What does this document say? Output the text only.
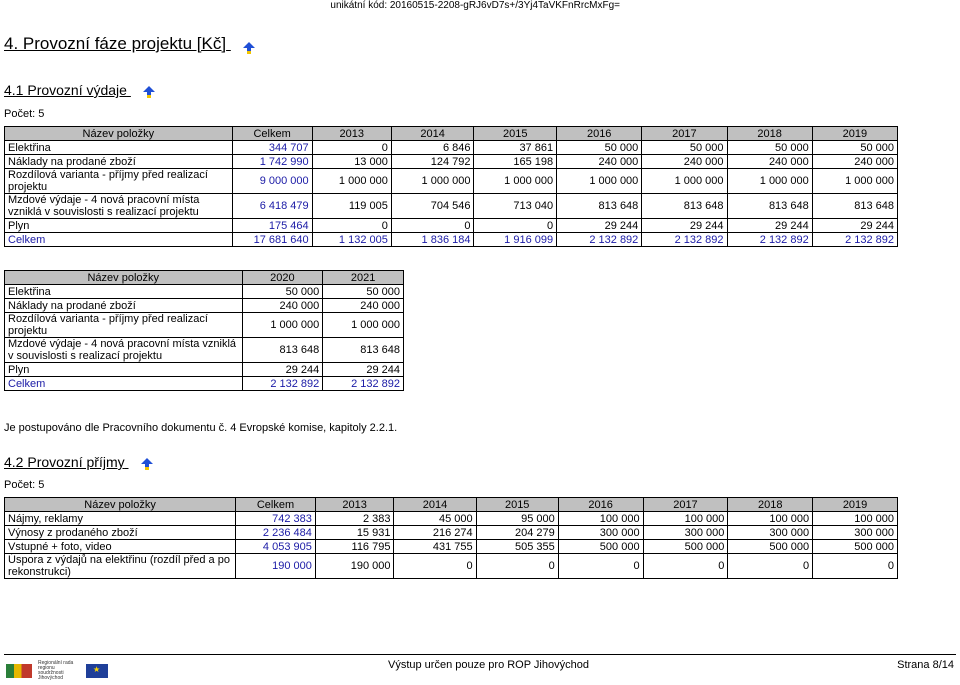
unikátní kód: 20160515-2208-gRJ6vD7s+/3Yj4TaVKFnRrcMxFg=
4. Provozní fáze projektu [Kč]
4.1 Provozní výdaje
Počet: 5
Název položky	Celkem	2013	2014	2015	2016	2017	2018	2019
Elektřina	344 707	0	6 846	37 861	50 000	50 000	50 000	50 000
Náklady na prodané zboží	1 742 990	13 000	124 792	165 198	240 000	240 000	240 000	240 000
Rozdílová varianta - příjmy před realizací projektu	9 000 000	1 000 000	1 000 000	1 000 000	1 000 000	1 000 000	1 000 000	1 000 000
Mzdové výdaje - 4 nová pracovní místa vzniklá v souvislosti s realizací projektu	6 418 479	119 005	704 546	713 040	813 648	813 648	813 648	813 648
Plyn	175 464	0	0	0	29 244	29 244	29 244	29 244
Celkem	17 681 640	1 132 005	1 836 184	1 916 099	2 132 892	2 132 892	2 132 892	2 132 892
Název položky	2020	2021
Elektřina	50 000	50 000
Náklady na prodané zboží	240 000	240 000
Rozdílová varianta - příjmy před realizací projektu	1 000 000	1 000 000
Mzdové výdaje - 4 nová pracovní místa vzniklá v souvislosti s realizací projektu	813 648	813 648
Plyn	29 244	29 244
Celkem	2 132 892	2 132 892
Je postupováno dle Pracovního dokumentu č. 4 Evropské komise, kapitoly 2.2.1.
4.2 Provozní příjmy
Počet: 5
Název položky	Celkem	2013	2014	2015	2016	2017	2018	2019
Nájmy, reklamy	742 383	2 383	45 000	95 000	100 000	100 000	100 000	100 000
Výnosy z prodaného zboží	2 236 484	15 931	216 274	204 279	300 000	300 000	300 000	300 000
Vstupné + foto, video	4 053 905	116 795	431 755	505 355	500 000	500 000	500 000	500 000
Úspora z výdajů na elektřinu (rozdíl před a po rekonstrukci)	190 000	190 000	0	0	0	0	0	0
Regionální rada regionu soudržnosti Jihovýchod
★
Výstup určen pouze pro ROP Jihovýchod	Strana 8/14
